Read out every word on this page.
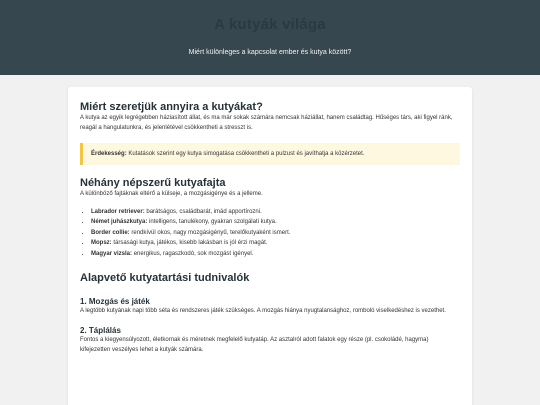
A kutyák világa

Miért különleges a kapcsolat ember és kutya között?

Miért szeretjük annyira a kutyákat?

A kutya az egyik legrégebben háziasított állat, és ma már sokak számára nemcsak háziállat, hanem családtag. Hűséges társ, aki figyel ránk, reagál a hangulatunkra, és jelenlétével csökkentheti a stresszt is.

Érdekesség: Kutatások szerint egy kutya simogatása csökkentheti a pulzust és javíthatja a közérzetet.
Néhány népszerű kutyafajta

A különböző fajtáknak eltérő a külseje, a mozgásigénye és a jelleme.

• Labrador retriever: barátságos, családbarát, imád apportírozni.
• Német juhászkutya: intelligens, tanulékony, gyakran szolgálati kutya.
• Border collie: rendkívül okos, nagy mozgásigényű, terelőkutyaként ismert.
• Mopsz: társasági kutya, játékos, kisebb lakásban is jól érzi magát.
• Magyar vizsla: energikus, ragaszkodó, sok mozgást igényel.
Alapvető kutyatartási tudnivalók
1. Mozgás és játék

A legtöbb kutyának napi több séta és rendszeres játék szükséges. A mozgás hiánya nyugtalansághoz, romboló viselkedéshez is vezethet.

2. Táplálás

Fontos a kiegyensúlyozott, életkornak és méretnek megfelelő kutyatáp. Az asztalról adott falatok egy része (pl. csokoládé, hagyma) kifejezetten veszélyes lehet a kutyák számára.
